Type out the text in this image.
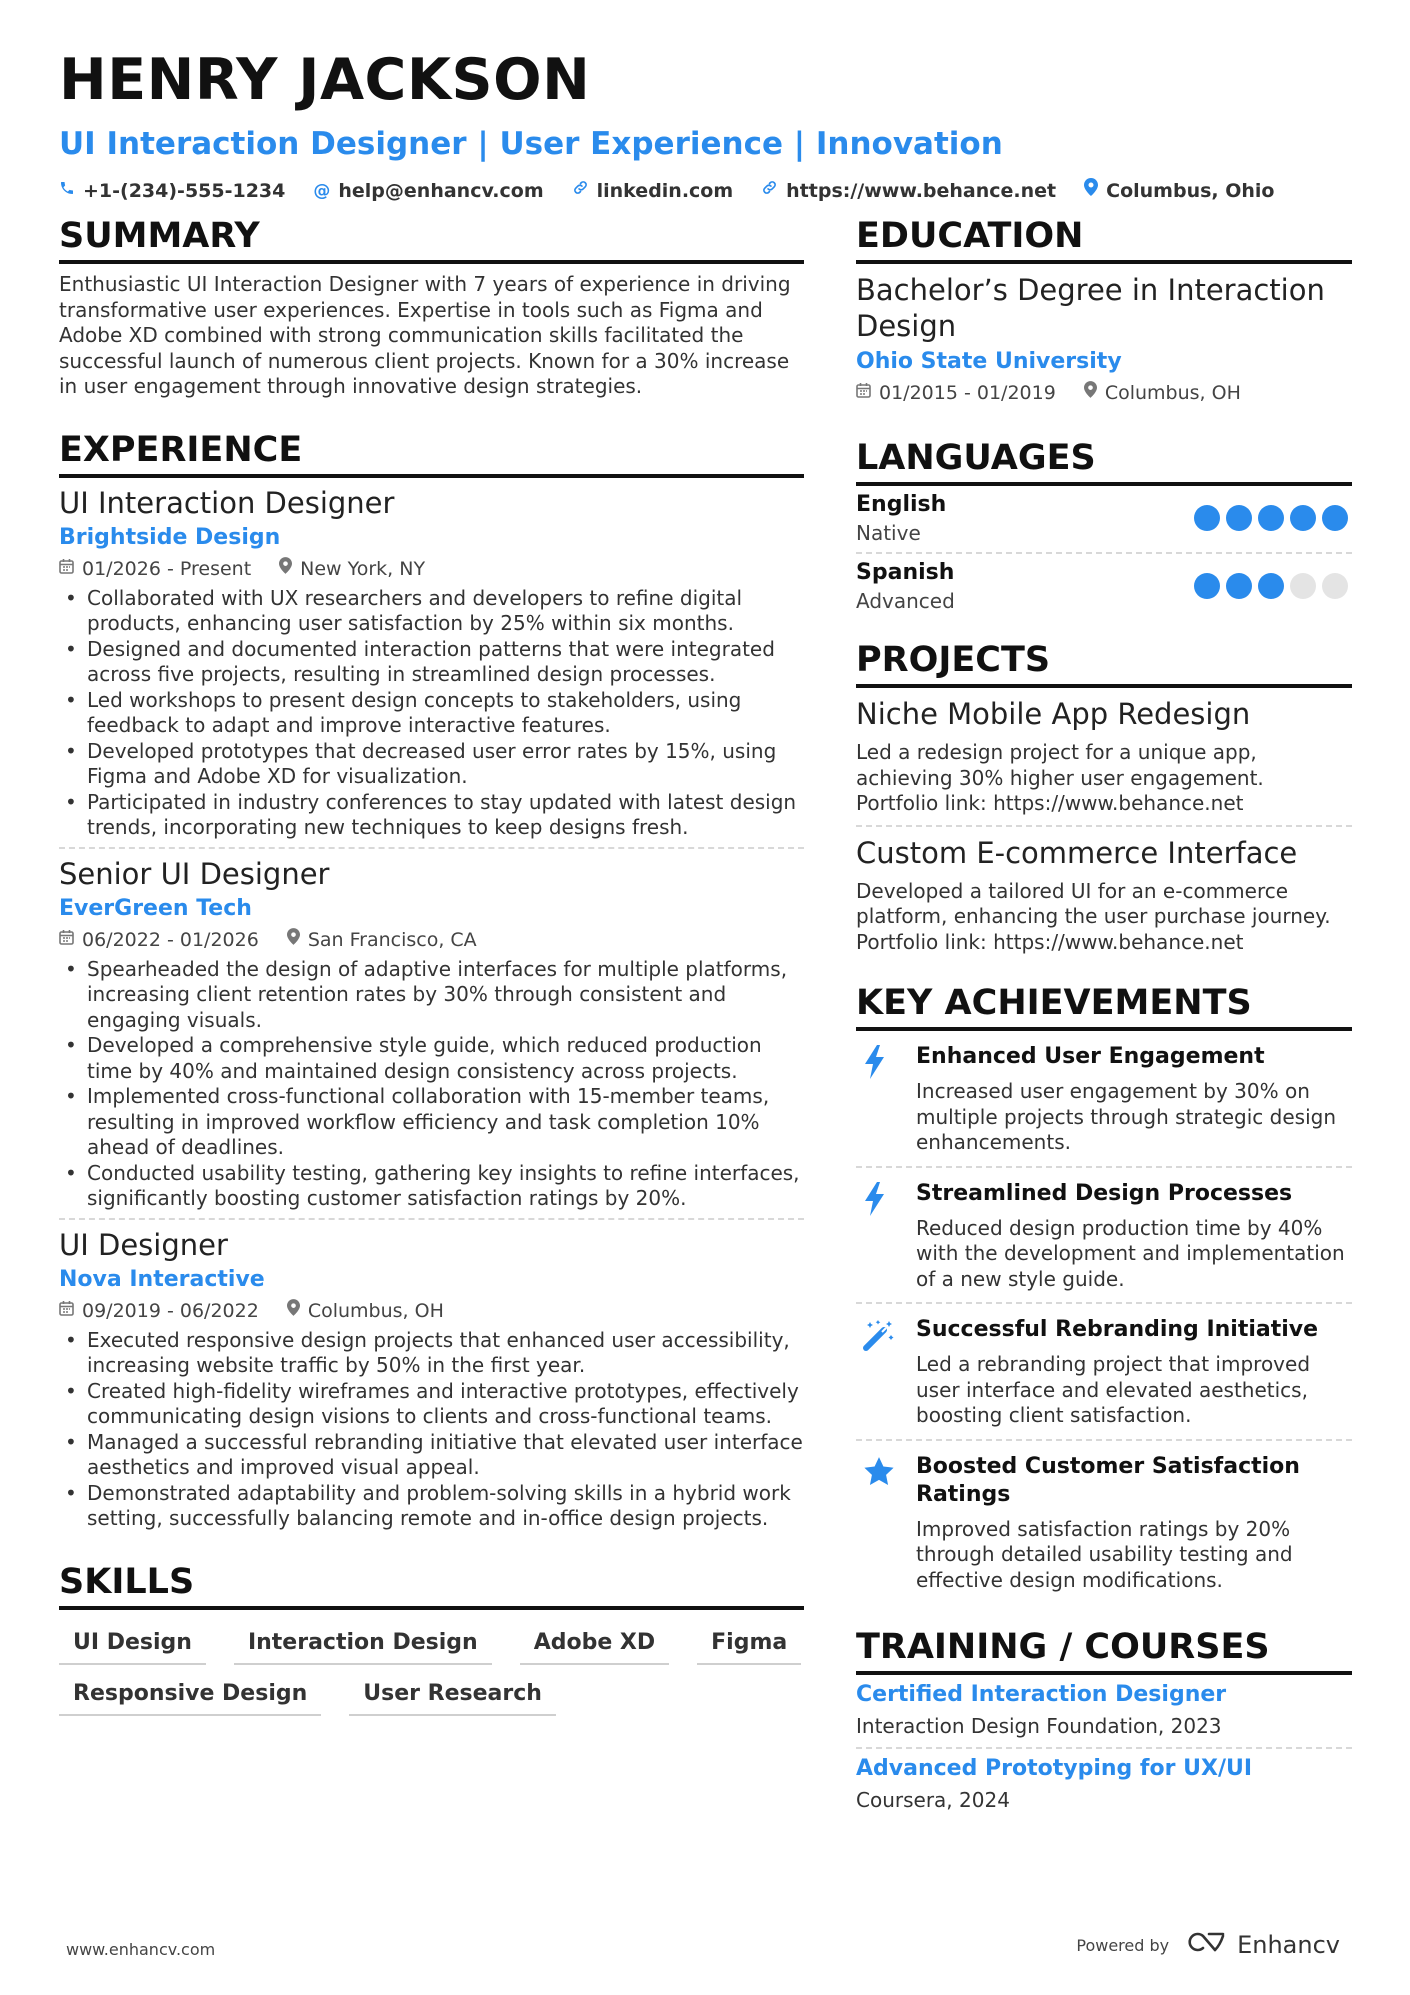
HENRY JACKSON
UI Interaction Designer | User Experience | Innovation
+1-(234)-555-1234 @ help@enhancv.com	linkedin.com	https://www.behance.net	Columbus, Ohio
SUMMARY
Enthusiastic UI Interaction Designer with 7 years of experience in driving transformative user experiences. Expertise in tools such as Figma and Adobe XD combined with strong communication skills facilitated the successful launch of numerous client projects. Known for a 30% increase in user engagement through innovative design strategies.
EXPERIENCE
UI Interaction Designer
Brightside Design
01/2026 - Present	New York, NY
• Collaborated with UX researchers and developers to refine digital products, enhancing user satisfaction by 25% within six months.
• Designed and documented interaction patterns that were integrated across five projects, resulting in streamlined design processes.
• Led workshops to present design concepts to stakeholders, using feedback to adapt and improve interactive features.
• Developed prototypes that decreased user error rates by 15%, using Figma and Adobe XD for visualization.
• Participated in industry conferences to stay updated with latest design trends, incorporating new techniques to keep designs fresh.
Senior UI Designer
EverGreen Tech
06/2022 - 01/2026	San Francisco, CA
• Spearheaded the design of adaptive interfaces for multiple platforms, increasing client retention rates by 30% through consistent and engaging visuals.
• Developed a comprehensive style guide, which reduced production time by 40% and maintained design consistency across projects.
• Implemented cross-functional collaboration with 15-member teams, resulting in improved workflow efficiency and task completion 10% ahead of deadlines.
• Conducted usability testing, gathering key insights to refine interfaces, significantly boosting customer satisfaction ratings by 20%.
UI Designer
Nova Interactive
09/2019 - 06/2022	Columbus, OH
• Executed responsive design projects that enhanced user accessibility, increasing website traffic by 50% in the first year.
• Created high-fidelity wireframes and interactive prototypes, effectively communicating design visions to clients and cross-functional teams.
• Managed a successful rebranding initiative that elevated user interface aesthetics and improved visual appeal.
• Demonstrated adaptability and problem-solving skills in a hybrid work setting, successfully balancing remote and in-office design projects.
SKILLS
UI Design	Interaction Design	Adobe XD	Figma
Responsive Design	User Research
EDUCATION
Bachelor’s Degree in Interaction Design
Ohio State University
01/2015 - 01/2019	Columbus, OH
LANGUAGES
English
Native
Spanish
Advanced
PROJECTS
Niche Mobile App Redesign
Led a redesign project for a unique app, achieving 30% higher user engagement. Portfolio link: https://www.behance.net
Custom E-commerce Interface
Developed a tailored UI for an e-commerce platform, enhancing the user purchase journey. Portfolio link: https://www.behance.net
KEY ACHIEVEMENTS
Enhanced User Engagement
Increased user engagement by 30% on multiple projects through strategic design enhancements.
Streamlined Design Processes
Reduced design production time by 40% with the development and implementation of a new style guide.
Successful Rebranding Initiative
Led a rebranding project that improved user interface and elevated aesthetics, boosting client satisfaction.
Boosted Customer Satisfaction Ratings
Improved satisfaction ratings by 20% through detailed usability testing and effective design modifications.
TRAINING / COURSES
Certified Interaction Designer
Interaction Design Foundation, 2023
Advanced Prototyping for UX/UI
Coursera, 2024
www.enhancv.com	Powered by	Enhancv
